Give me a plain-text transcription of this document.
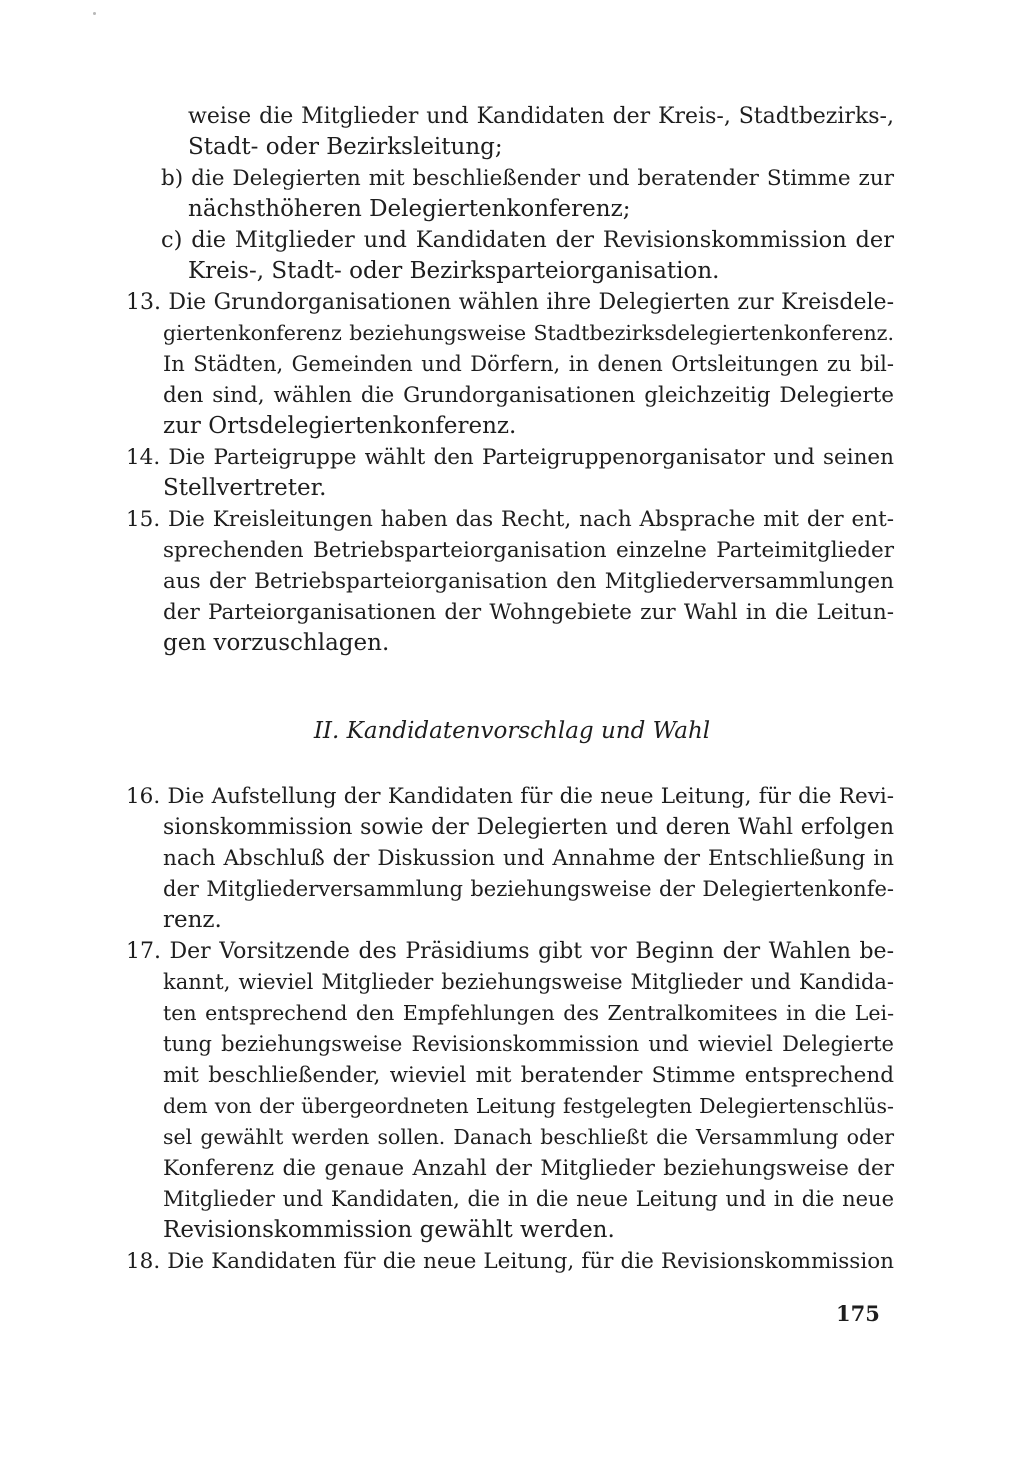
weise die Mitglieder und Kandidaten der Kreis-, Stadtbezirks-,
Stadt- oder Bezirksleitung;
b) die Delegierten mit beschließender und beratender Stimme zur
nächsthöheren Delegiertenkonferenz;
c) die Mitglieder und Kandidaten der Revisionskommission der
Kreis-, Stadt- oder Bezirksparteiorganisation.
13. Die Grundorganisationen wählen ihre Delegierten zur Kreisdele-
giertenkonferenz beziehungsweise Stadtbezirksdelegiertenkonferenz.
In Städten, Gemeinden und Dörfern, in denen Ortsleitungen zu bil-
den sind, wählen die Grundorganisationen gleichzeitig Delegierte
zur Ortsdelegiertenkonferenz.
14. Die Parteigruppe wählt den Parteigruppenorganisator und seinen
Stellvertreter.
15. Die Kreisleitungen haben das Recht, nach Absprache mit der ent-
sprechenden Betriebsparteiorganisation einzelne Parteimitglieder
aus der Betriebsparteiorganisation den Mitgliederversammlungen
der Parteiorganisationen der Wohngebiete zur Wahl in die Leitun-
gen vorzuschlagen.
II. Kandidatenvorschlag und Wahl
16. Die Aufstellung der Kandidaten für die neue Leitung, für die Revi-
sionskommission sowie der Delegierten und deren Wahl erfolgen
nach Abschluß der Diskussion und Annahme der Entschließung in
der Mitgliederversammlung beziehungsweise der Delegiertenkonfe-
renz.
17. Der Vorsitzende des Präsidiums gibt vor Beginn der Wahlen be-
kannt, wieviel Mitglieder beziehungsweise Mitglieder und Kandida-
ten entsprechend den Empfehlungen des Zentralkomitees in die Lei-
tung beziehungsweise Revisionskommission und wieviel Delegierte
mit beschließender, wieviel mit beratender Stimme entsprechend
dem von der übergeordneten Leitung festgelegten Delegiertenschlüs-
sel gewählt werden sollen. Danach beschließt die Versammlung oder
Konferenz die genaue Anzahl der Mitglieder beziehungsweise der
Mitglieder und Kandidaten, die in die neue Leitung und in die neue
Revisionskommission gewählt werden.
18. Die Kandidaten für die neue Leitung, für die Revisionskommission
175
